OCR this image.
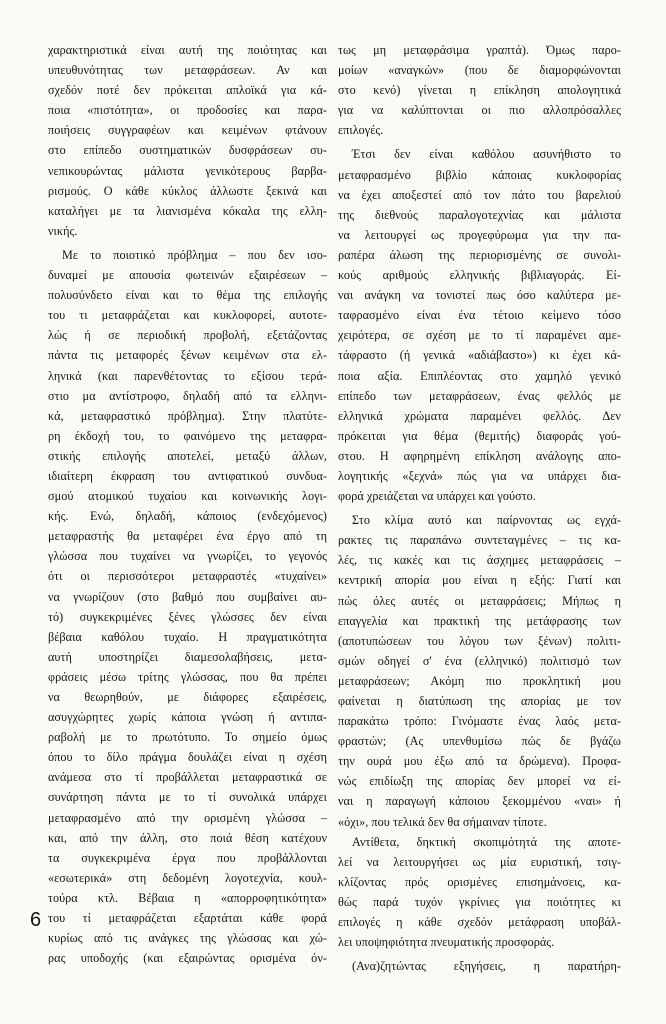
χαρακτηριστικά είναι αυτή της ποιότητας και
υπευθυνότητας των μεταφράσεων. Αν και
σχεδόν ποτέ δεν πρόκειται απλοϊκά για κά-
ποια «πιστότητα», οι προδοσίες και παρα-
ποιήσεις συγγραφέων και κειμένων φτάνουν
στο επίπεδο συστηματικών δυσφράσεων συ-
νεπικουρώντας μάλιστα γενικότερους βαρβα-
ρισμούς. Ο κάθε κύκλος άλλωστε ξεκινά και
καταλήγει με τα λιανισμένα κόκαλα της ελλη-
νικής.
Με το ποιοτικό πρόβλημα – που δεν ισο-
δυναμεί με απουσία φωτεινών εξαιρέσεων –
πολυσύνδετο είναι και το θέμα της επιλογής
του τι μεταφράζεται και κυκλοφορεί, αυτοτε-
λώς ή σε περιοδική προβολή, εξετάζοντας
πάντα τις μεταφορές ξένων κειμένων στα ελ-
ληνικά (και παρενθέτοντας το εξίσου τερά-
στιο μα αντίστροφο, δηλαδή από τα ελληνι-
κά, μεταφραστικό πρόβλημα). Στην πλατύτε-
ρη έκδοχή του, το φαινόμενο της μεταφρα-
στικής επιλογής αποτελεί, μεταξύ άλλων,
ιδιαίτερη έκφραση του αντιφατικού συνδυα-
σμού ατομικού τυχαίου και κοινωνικής λογι-
κής. Ενώ, δηλαδή, κάποιος (ενδεχόμενος)
μεταφραστής θα μεταφέρει ένα έργο από τη
γλώσσα που τυχαίνει να γνωρίζει, το γεγονός
ότι οι περισσότεροι μεταφραστές «τυχαίνει»
να γνωρίζουν (στο βαθμό που συμβαίνει αυ-
τό) συγκεκριμένες ξένες γλώσσες δεν είναι
βέβαια καθόλου τυχαίο. Η πραγματικότητα
αυτή υποστηρίζει διαμεσολαβήσεις, μετα-
φράσεις μέσω τρίτης γλώσσας, που θα πρέπει
να θεωρηθούν, με διάφορες εξαιρέσεις,
ασυγχώρητες χωρίς κάποια γνώση ή αντιπα-
ραβολή με το πρωτότυπο. Το σημείο όμως
όπου το δίλο πράγμα δουλάζει είναι η σχέση
ανάμεσα στο τί προβάλλεται μεταφραστικά σε
συνάρτηση πάντα με το τί συνολικά υπάρχει
μεταφρασμένο από την ορισμένη γλώσσα –
και, από την άλλη, στο ποιά θέση κατέχουν
τα συγκεκριμένα έργα που προβάλλονται
«εσωτερικά» στη δεδομένη λογοτεχνία, κουλ-
τούρα κτλ. Βέβαια η «απορροφητικότητα»
του τί μεταφράζεται εξαρτάται κάθε φορά
κυρίως από τις ανάγκες της γλώσσας και χώ-
ρας υποδοχής (και εξαιρώντας ορισμένα όν-
τως μη μεταφράσιμα γραπτά). Όμως παρο-
μοίων «αναγκών» (που δε διαμορφώνονται
στο κενό) γίνεται η επίκληση απολογητικά
για να καλύπτονται οι πιο αλλοπρόσαλλες
επιλογές.
Έτσι δεν είναι καθόλου ασυνήθιστο το
μεταφρασμένο βιβλίο κάποιας κυκλοφορίας
να έχει αποξεστεί από τον πάτο του βαρελιού
της διεθνούς παραλογοτεχνίας και μάλιστα
να λειτουργεί ως προγεφύρωμα για την πα-
ραπέρα άλωση της περιορισμένης σε συνολι-
κούς αριθμούς ελληνικής βιβλιαγοράς. Εί-
ναι ανάγκη να τονιστεί πως όσο καλύτερα με-
ταφρασμένο είναι ένα τέτοιο κείμενο τόσο
χειρότερα, σε σχέση με το τί παραμένει αμε-
τάφραστο (ή γενικά «αδιάβαστο») κι έχει κά-
ποια αξία. Επιπλέοντας στο χαμηλό γενικό
επίπεδο των μεταφράσεων, ένας φελλός με
ελληνικά χρώματα παραμένει φελλός. Δεν
πρόκειται για θέμα (θεμιτής) διαφοράς γού-
στου. Η αφηρημένη επίκληση ανάλογης απο-
λογητικής «ξεχνά» πώς για να υπάρχει δια-
φορά χρειάζεται να υπάρχει και γούστο.
Στο κλίμα αυτό και παίρνοντας ως εγχά-
ρακτες τις παραπάνω συντεταγμένες – τις κα-
λές, τις κακές και τις άσχημες μεταφράσεις –
κεντρική απορία μου είναι η εξής: Γιατί και
πώς όλες αυτές οι μεταφράσεις; Μήπως η
επαγγελία και πρακτική της μετάφρασης των
(αποτυπώσεων του λόγου των ξένων) πολιτι-
σμών οδηγεί σ' ένα (ελληνικό) πολιτισμό των
μεταφράσεων; Ακόμη πιο προκλητική μου
φαίνεται η διατύπωση της απορίας με τον
παρακάτω τρόπο: Γινόμαστε ένας λαός μετα-
φραστών; (Ας υπενθυμίσω πώς δε βγάζω
την ουρά μου έξω από τα δρώμενα). Προφα-
νώς επιδίωξη της απορίας δεν μπορεί να εί-
ναι η παραγωγή κάποιου ξεκομμένου «ναι» ή
«όχι», που τελικά δεν θα σήμαιναν τίποτε.
Αντίθετα, δηκτική σκοπιμότητά της αποτε-
λεί να λειτουργήσει ως μία ευριστική, τσιγ-
κλίζοντας πρός ορισμένες επισημάνσεις, κα-
θώς παρά τυχόν γκρίνιες για ποιότητες κι
επιλογές η κάθε σχεδόν μετάφραση υποβάλ-
λει υποψηφιότητα πνευματικής προσφοράς.
(Ανα)ζητώντας εξηγήσεις, η παρατήρη-
6
